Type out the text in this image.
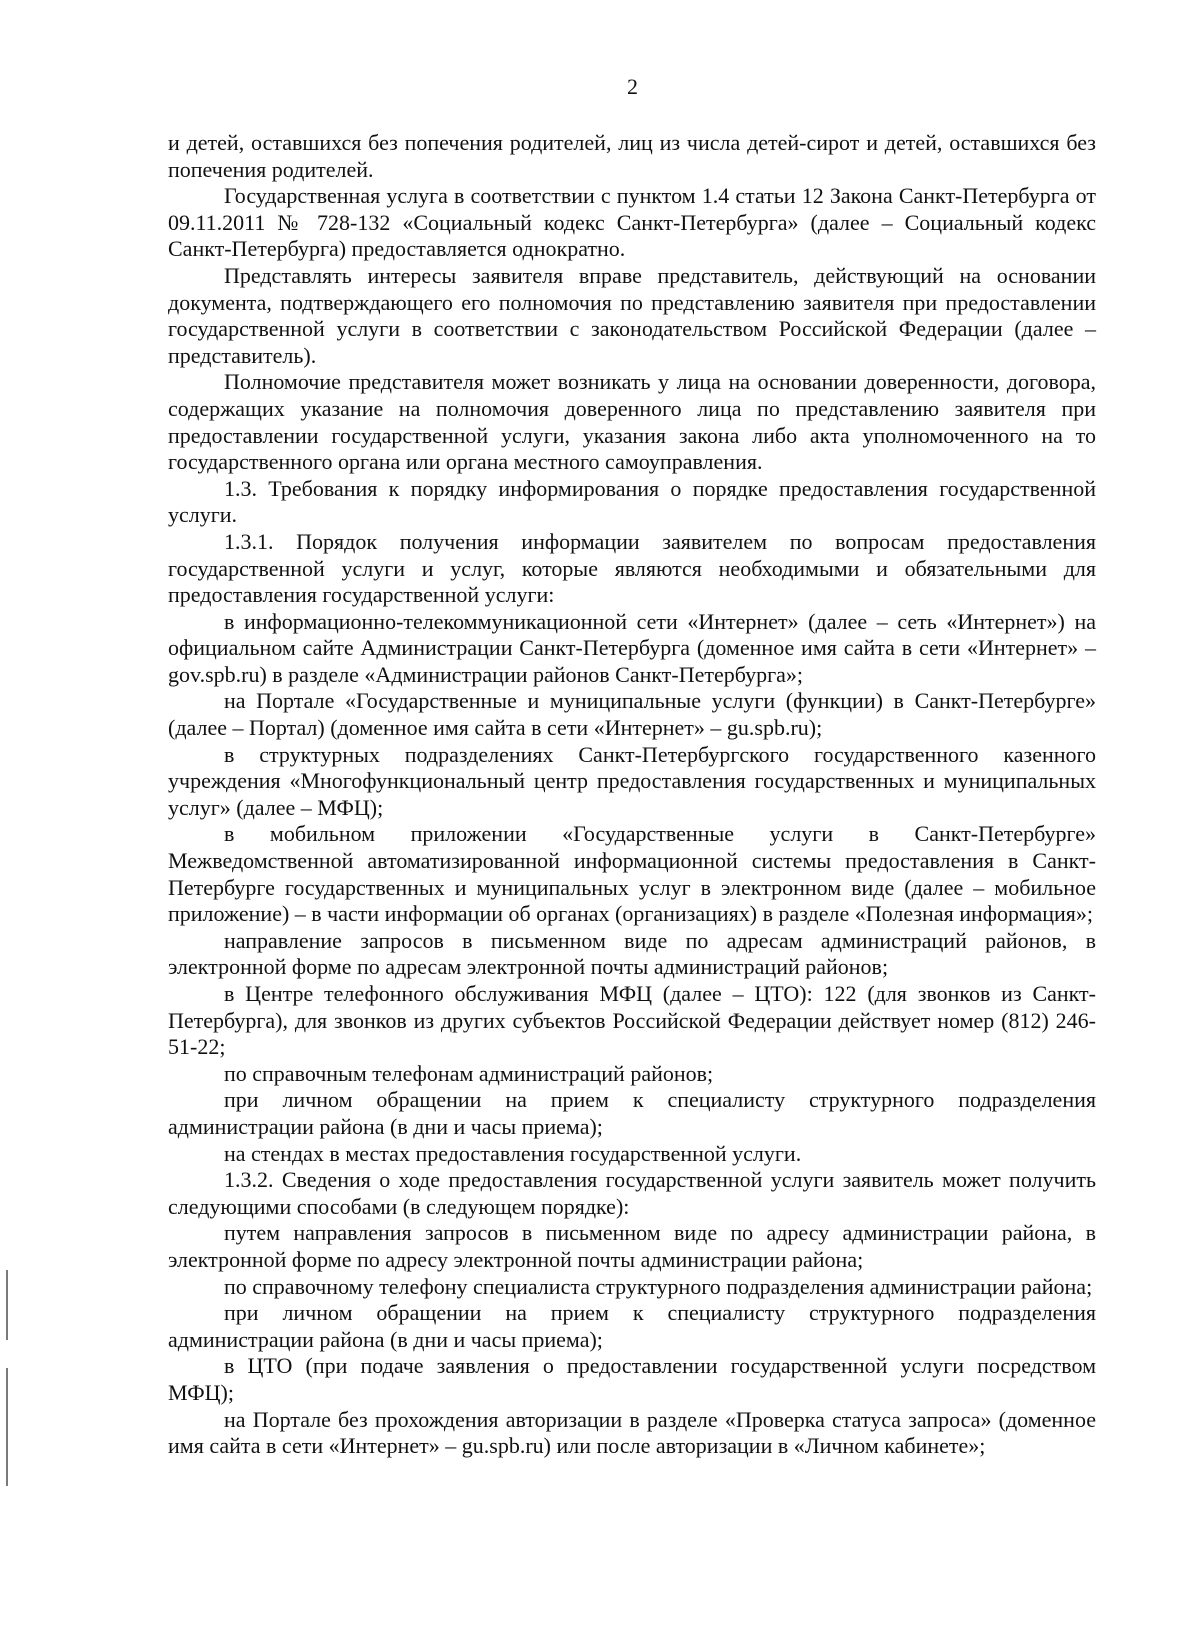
2

и детей, оставшихся без попечения родителей, лиц из числа детей-сирот и детей, оставшихся без попечения родителей.

Государственная услуга в соответствии с пунктом 1.4 статьи 12 Закона Санкт-Петербурга от 09.11.2011 № 728-132 «Социальный кодекс Санкт-Петербурга» (далее – Социальный кодекс Санкт-Петербурга) предоставляется однократно.

Представлять интересы заявителя вправе представитель, действующий на основании документа, подтверждающего его полномочия по представлению заявителя при предоставлении государственной услуги в соответствии с законодательством Российской Федерации (далее – представитель).

Полномочие представителя может возникать у лица на основании доверенности, договора, содержащих указание на полномочия доверенного лица по представлению заявителя при предоставлении государственной услуги, указания закона либо акта уполномоченного на то государственного органа или органа местного самоуправления.

1.3. Требования к порядку информирования о порядке предоставления государственной услуги.

1.3.1. Порядок получения информации заявителем по вопросам предоставления государственной услуги и услуг, которые являются необходимыми и обязательными для предоставления государственной услуги:

в информационно-телекоммуникационной сети «Интернет» (далее – сеть «Интернет») на официальном сайте Администрации Санкт-Петербурга (доменное имя сайта в сети «Интернет» – gov.spb.ru) в разделе «Администрации районов Санкт-Петербурга»;

на Портале «Государственные и муниципальные услуги (функции) в Санкт-Петербурге» (далее – Портал) (доменное имя сайта в сети «Интернет» – gu.spb.ru);

в структурных подразделениях Санкт-Петербургского государственного казенного учреждения «Многофункциональный центр предоставления государственных и муниципальных услуг» (далее – МФЦ);

в мобильном приложении «Государственные услуги в Санкт-Петербурге» Межведомственной автоматизированной информационной системы предоставления в Санкт-Петербурге государственных и муниципальных услуг в электронном виде (далее – мобильное приложение) – в части информации об органах (организациях) в разделе «Полезная информация»;

направление запросов в письменном виде по адресам администраций районов, в электронной форме по адресам электронной почты администраций районов;

в Центре телефонного обслуживания МФЦ (далее – ЦТО): 122 (для звонков из Санкт-Петербурга), для звонков из других субъектов Российской Федерации действует номер (812) 246-51-22;

по справочным телефонам администраций районов;

при личном обращении на прием к специалисту структурного подразделения администрации района (в дни и часы приема);

на стендах в местах предоставления государственной услуги.

1.3.2. Сведения о ходе предоставления государственной услуги заявитель может получить следующими способами (в следующем порядке):

путем направления запросов в письменном виде по адресу администрации района, в электронной форме по адресу электронной почты администрации района;

по справочному телефону специалиста структурного подразделения администрации района;

при личном обращении на прием к специалисту структурного подразделения администрации района (в дни и часы приема);

в ЦТО (при подаче заявления о предоставлении государственной услуги посредством МФЦ);

на Портале без прохождения авторизации в разделе «Проверка статуса запроса» (доменное имя сайта в сети «Интернет» – gu.spb.ru) или после авторизации в «Личном кабинете»;
